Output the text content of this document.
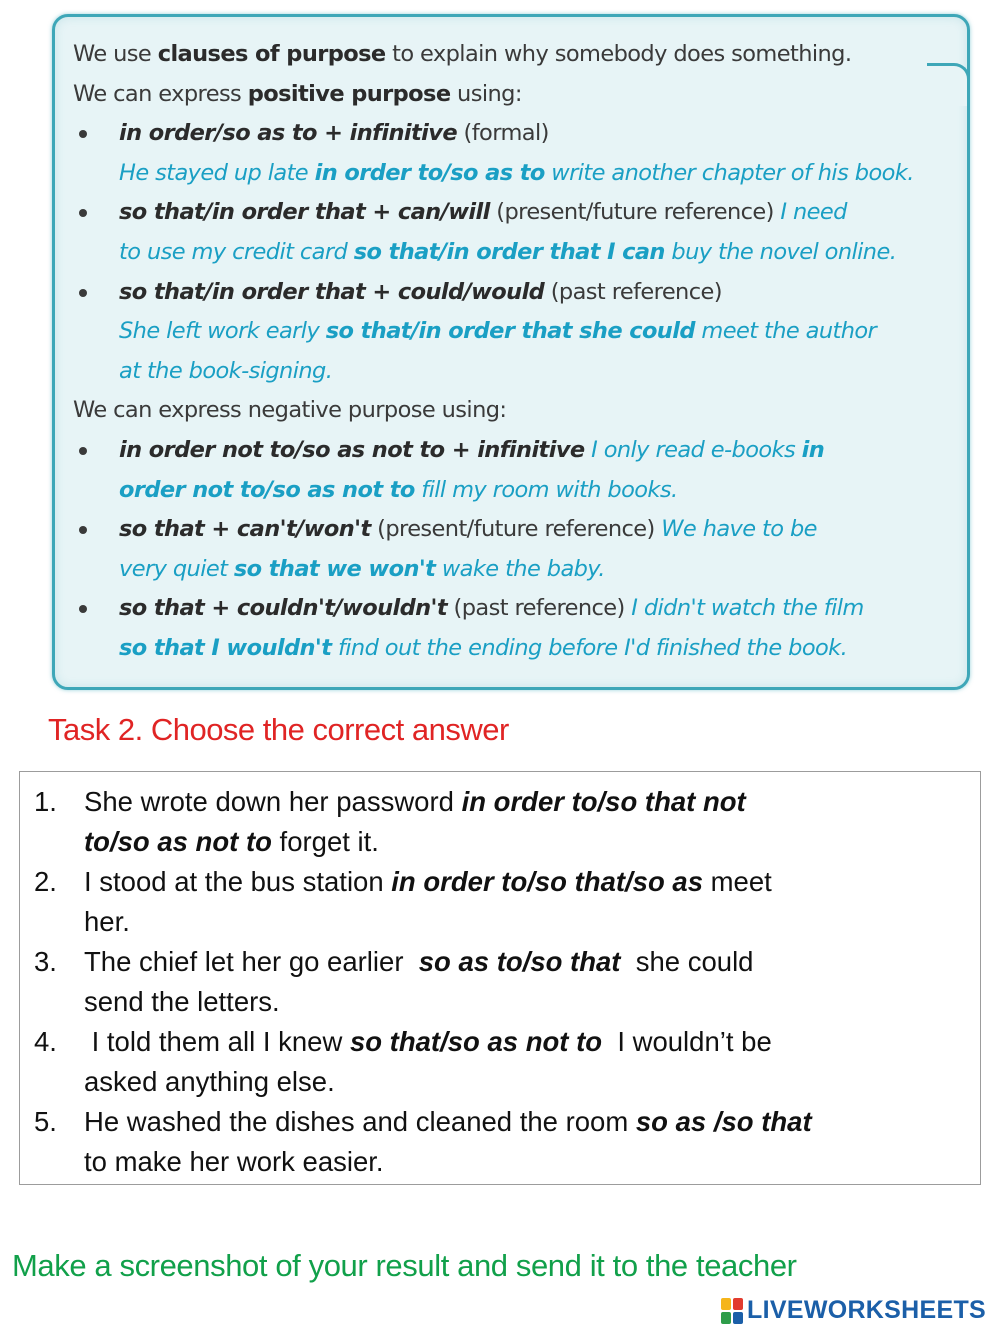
We use clauses of purpose to explain why somebody does something.
We can express positive purpose using:
in order/so as to + infinitive (formal)
He stayed up late in order to/so as to write another chapter of his book.
so that/in order that + can/will (present/future reference) I need
to use my credit card so that/in order that I can buy the novel online.
so that/in order that + could/would (past reference)
She left work early so that/in order that she could meet the author
at the book-signing.
We can express negative purpose using:
in order not to/so as not to + infinitive I only read e-books in
order not to/so as not to fill my room with books.
so that + can't/won't (present/future reference) We have to be
very quiet so that we won't wake the baby.
so that + couldn't/wouldn't (past reference) I didn't watch the film
so that I wouldn't find out the ending before I'd finished the book.
Task 2. Choose the correct answer
1. She wrote down her password in order to/so that not
to/so as not to forget it.
2. I stood at the bus station in order to/so that/so as meet
her.
3. The chief let her go earlier  so as to/so that  she could
send the letters.
4. I told them all I knew so that/so as not to  I wouldn’t be
asked anything else.
5. He washed the dishes and cleaned the room so as /so that
to make her work easier.

Make a screenshot of your result and send it to the teacher

LIVEWORKSHEETS
